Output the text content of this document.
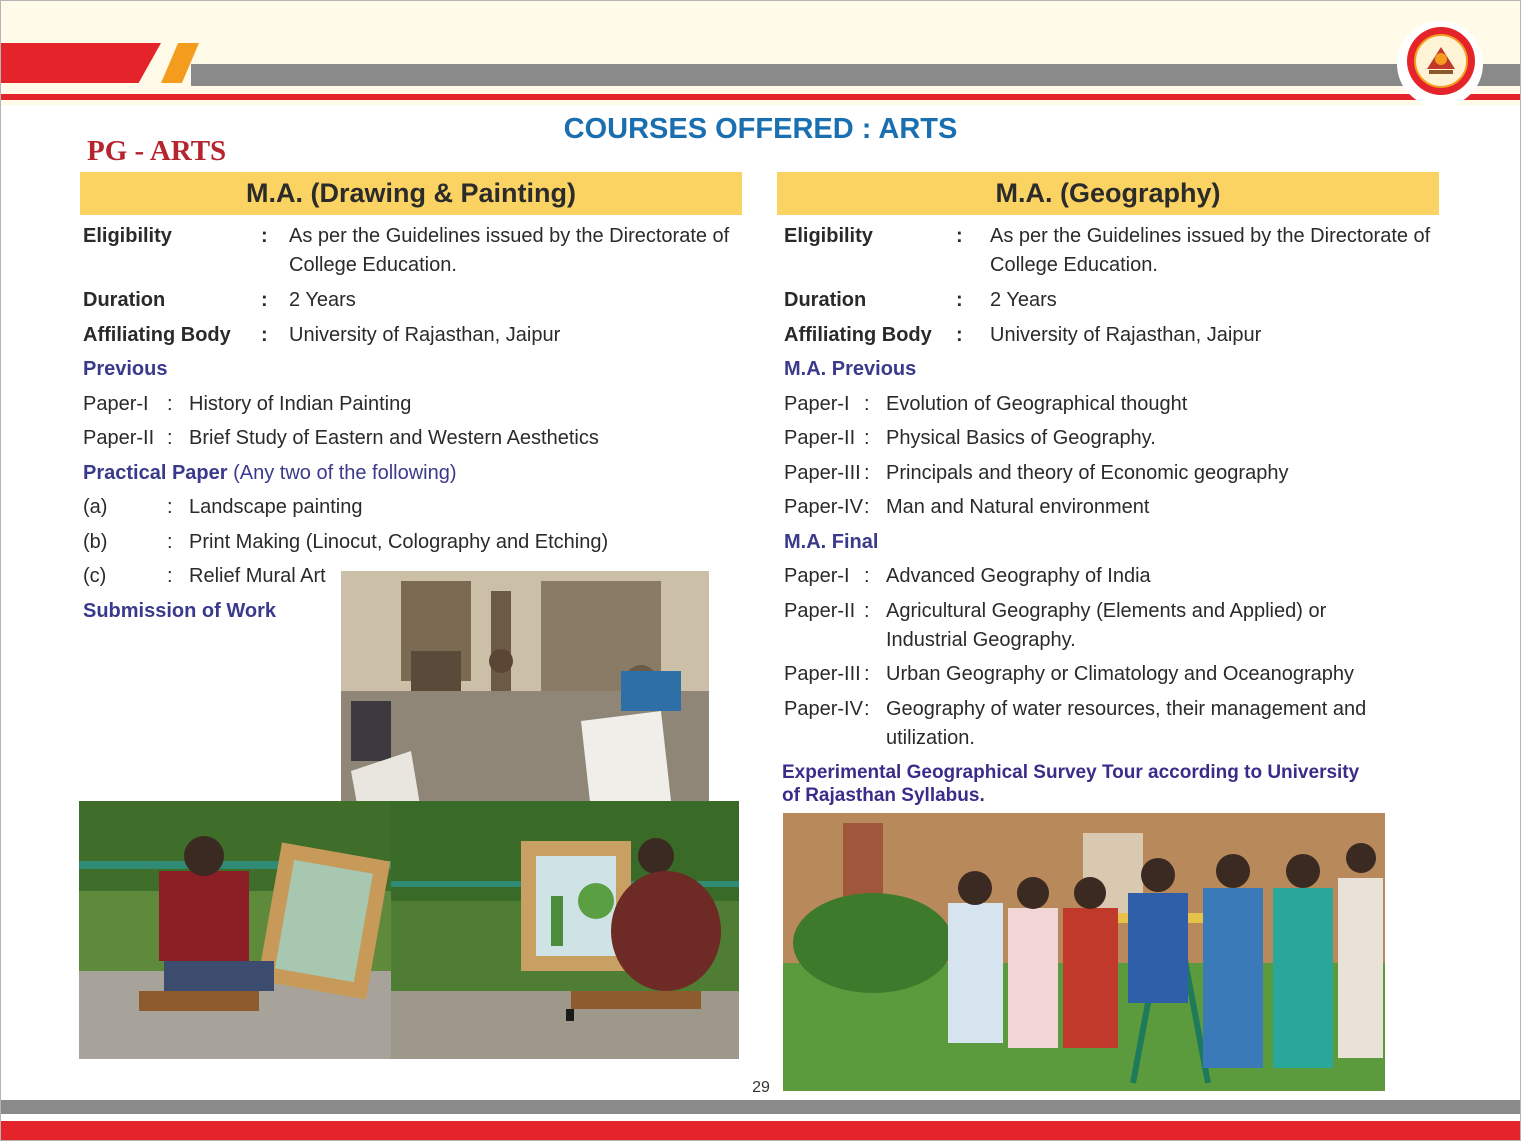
COURSES OFFERED : ARTS
PG - ARTS
M.A. (Drawing & Painting)
Eligibility	: As per the Guidelines issued by the Directorate of College Education.
Duration	: 2 Years
Affiliating Body : University of Rajasthan, Jaipur
Previous
Paper-I : History of Indian Painting
Paper-II : Brief Study of Eastern and Western Aesthetics
Practical Paper (Any two of the following)
(a)	: Landscape painting
(b)	: Print Making (Linocut, Colography and Etching)
(c)	: Relief Mural Art
Submission of Work
M.A. (Geography)
Eligibility	: As per the Guidelines issued by the Directorate of College Education.
Duration	: 2 Years
Affiliating Body : University of Rajasthan, Jaipur
M.A. Previous
Paper-I : Evolution of Geographical thought
Paper-II : Physical Basics of Geography.
Paper-III : Principals and theory of Economic geography
Paper-IV : Man and Natural environment
M.A. Final
Paper-I : Advanced Geography of India
Paper-II : Agricultural Geography (Elements and Applied) or Industrial Geography.
Paper-III : Urban Geography or Climatology and Oceanography
Paper-IV : Geography of water resources, their management and utilization.
Experimental Geographical Survey Tour according to University of Rajasthan Syllabus.
29
